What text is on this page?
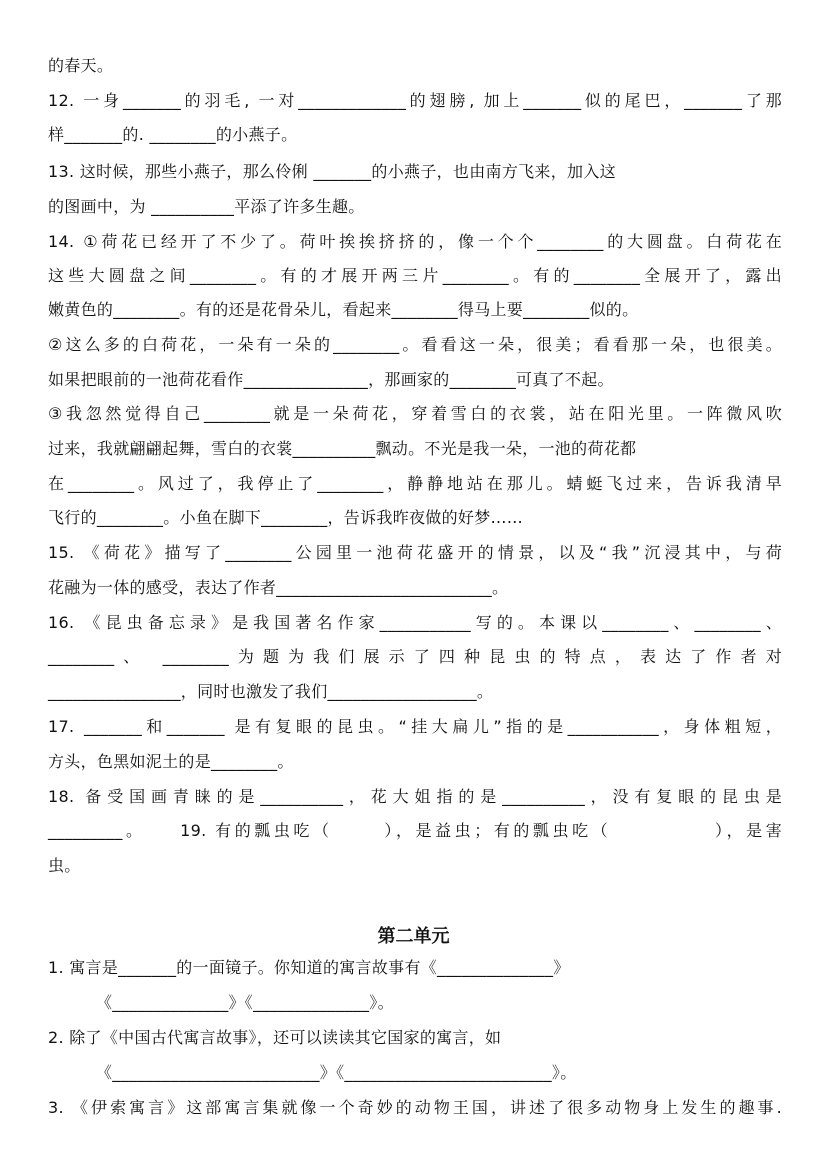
的春天。
12. 一身_______的羽毛, 一对_____________的翅膀, 加上_______似的尾巴，_______了那
样_______的. ________的小燕子。
13. 这时候，那些小燕子，那么伶俐 _______的小燕子，也由南方飞来，加入这
的图画中，为 __________平添了许多生趣。
14. ①荷花已经开了不少了。荷叶挨挨挤挤的，像一个个________的大圆盘。白荷花在
这些大圆盘之间________。有的才展开两三片________。有的________全展开了，露出
嫩黄色的________。有的还是花骨朵儿，看起来________得马上要________似的。
②这么多的白荷花，一朵有一朵的________。看看这一朵，很美；看看那一朵，也很美。
如果把眼前的一池荷花看作_______________，那画家的________可真了不起。
③我忽然觉得自己________就是一朵荷花，穿着雪白的衣裳，站在阳光里。一阵微风吹
过来，我就翩翩起舞，雪白的衣裳__________飘动。不光是我一朵，一池的荷花都
在________。风过了，我停止了________，静静地站在那儿。蜻蜓飞过来，告诉我清早
飞行的________。小鱼在脚下________，告诉我昨夜做的好梦……
15. 《荷花》描写了________公园里一池荷花盛开的情景，以及“我”沉浸其中，与荷
花融为一体的感受，表达了作者__________________________。
16. 《昆虫备忘录》是我国著名作家___________写的。本课以________、________、
________、 ________为题为我们展示了四种昆虫的特点，表达了作者对
________________，同时也激发了我们__________________。
17. _______和_______ 是有复眼的昆虫。“挂大扁儿”指的是___________，身体粗短，
方头，色黑如泥土的是________。
18. 备受国画青睐的是__________，花大姐指的是__________，没有复眼的昆虫是
_________。    19. 有的瓢虫吃（      ），是益虫；有的瓢虫吃（            ），是害
虫。
第二单元
1. 寓言是_______的一面镜子。你知道的寓言故事有《______________》
《______________》《______________》。
2. 除了《中国古代寓言故事》，还可以读读其它国家的寓言，如
《_________________________》《_________________________》。
3. 《伊索寓言》这部寓言集就像一个奇妙的动物王国，讲述了很多动物身上发生的趣事.
